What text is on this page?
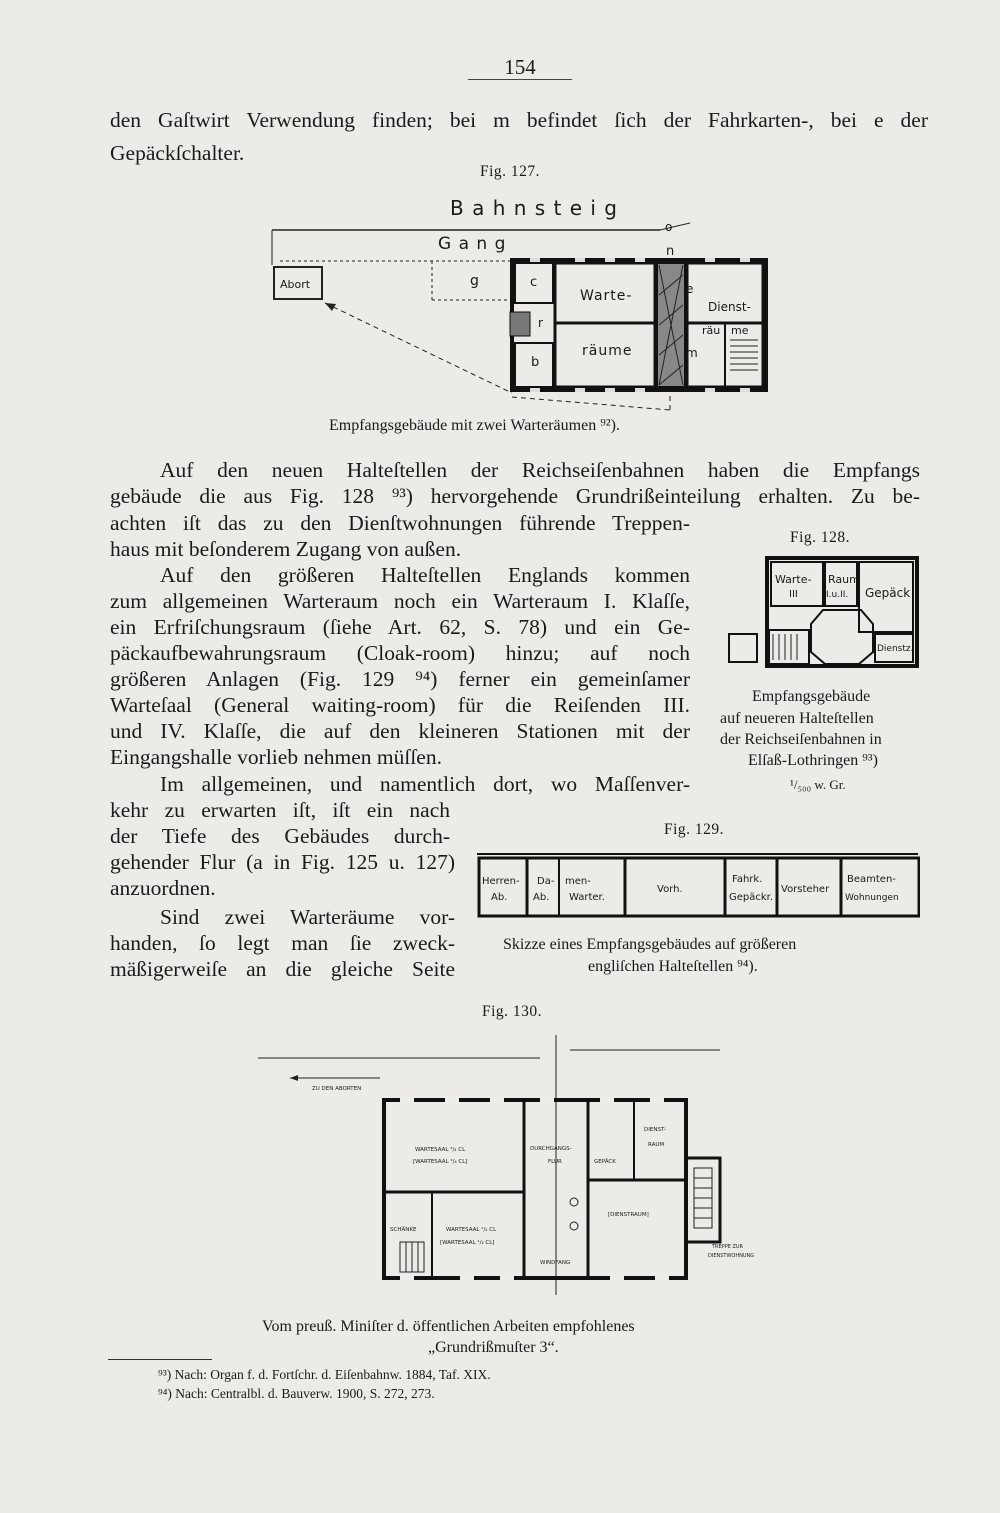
154
den Gaſtwirt Verwendung finden; bei m befindet ſich der Fahrkarten-, bei e der
Gepäckſchalter.
Fig. 127.
B a h n s t e i g
o
G a n g	n
Abort	g	c
r
b
Warte-
räume
e
m
Dienst-
räu me
Empfangsgebäude mit zwei Warteräumen ⁹²).
Auf den neuen Halteſtellen der Reichseiſenbahnen haben die Empfangs
gebäude die aus Fig. 128 ⁹³) hervorgehende Grundrißeinteilung erhalten. Zu be-
achten iſt das zu den Dienſtwohnungen führende Treppen-
haus mit beſonderem Zugang von außen.
Auf den größeren Halteſtellen Englands kommen
zum allgemeinen Warteraum noch ein Warteraum I. Klaſſe,
ein Erfriſchungsraum (ſiehe Art. 62, S. 78) und ein Ge-
päckaufbewahrungsraum (Cloak-room) hinzu; auf noch
größeren Anlagen (Fig. 129 ⁹⁴) ferner ein gemeinſamer
Warteſaal (General waiting-room) für die Reiſenden III.
und IV. Klaſſe, die auf den kleineren Stationen mit der
Eingangshalle vorlieb nehmen müſſen.
Im allgemeinen, und namentlich dort, wo Maſſenver-
kehr zu erwarten iſt, iſt ein nach
der Tiefe des Gebäudes durch-
gehender Flur (a in Fig. 125 u. 127)
anzuordnen.
Sind zwei Warteräume vor-
handen, ſo legt man ſie zweck-
mäßigerweiſe an die gleiche Seite
Fig. 128.
Warte-
III
Raum
I.u.II. Gepäck
Dienstz.
Empfangsgebäude
auf neueren Halteſtellen
der Reichseiſenbahnen in
Elſaß-Lothringen ⁹³)
¹/₅₀₀ w. Gr.
Fig. 129.
Herren-
Ab.
Da-
Ab.
men-
Warter.
Vorh.
Fahrk.
Gepäckr.
Vorsteher
Beamten-
Wohnungen
Skizze eines Empfangsgebäudes auf größeren
engliſchen Halteſtellen ⁹⁴).
Fig. 130.
ZU DEN ABORTEN
WARTESAAL ³/₄ CL
[WARTESAAL ³/₄ CL]
SCHÄNKE	WARTESAAL ¹/₂ CL
[WARTESAAL ¹/₂ CL]
DURCHGANGS-
FLUR	GEPÄCK
DIENST-
RAUM
[DIENSTRAUM]
WINDFANG
TREPPE ZUR
DIENSTWOHNUNG
Vom preuß. Miniſter d. öffentlichen Arbeiten empfohlenes
„Grundrißmuſter 3“.
⁹³) Nach: Organ f. d. Fortſchr. d. Eiſenbahnw. 1884, Taf. XIX.
⁹⁴) Nach: Centralbl. d. Bauverw. 1900, S. 272, 273.
